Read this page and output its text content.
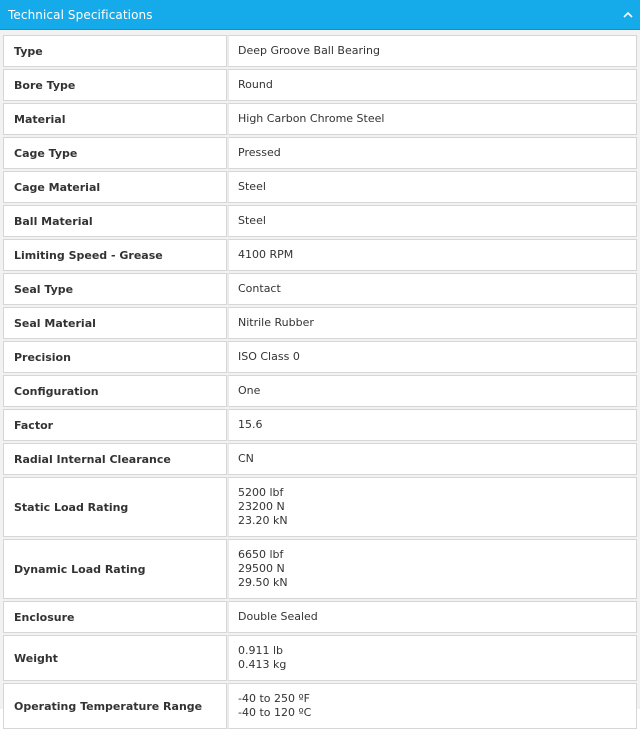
Technical Specifications
Type	Deep Groove Ball Bearing

Bore Type	Round

Material	High Carbon Chrome Steel

Cage Type	Pressed

Cage Material	Steel

Ball Material	Steel

Limiting Speed - Grease	4100 RPM

Seal Type	Contact

Seal Material	Nitrile Rubber

Precision	ISO Class 0

Configuration	One

Factor	15.6

Radial Internal Clearance	CN

Static Load Rating	5200 lbf
23200 N
23.20 kN

Dynamic Load Rating	6650 lbf
29500 N
29.50 kN

Enclosure	Double Sealed

Weight	0.911 lb
0.413 kg

Operating Temperature Range	-40 to 250 ºF
-40 to 120 ºC
